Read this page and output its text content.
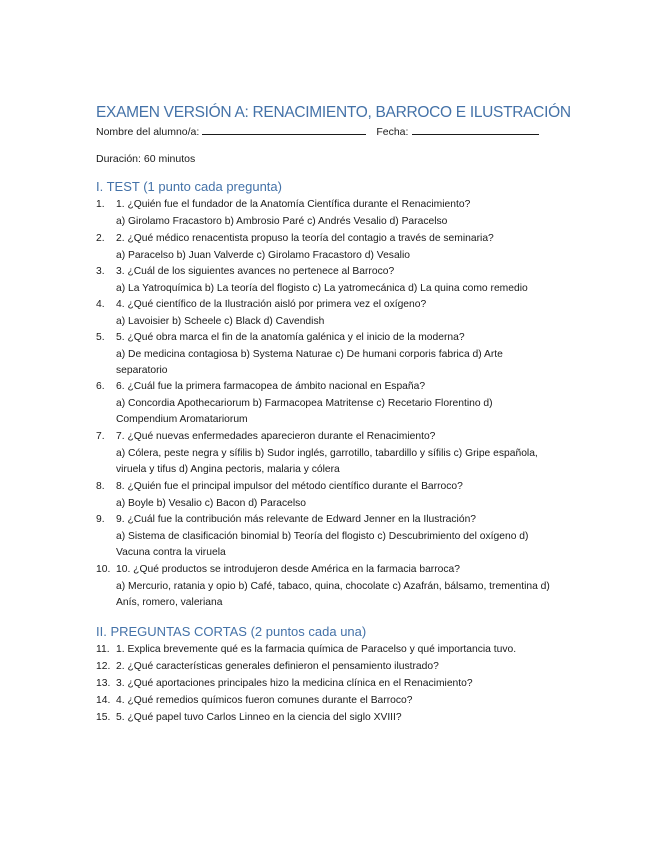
EXAMEN VERSIÓN A: RENACIMIENTO, BARROCO E ILUSTRACIÓN
Nombre del alumno/a:	Fecha:
Duración: 60 minutos
I. TEST (1 punto cada pregunta)
1. 1. ¿Quién fue el fundador de la Anatomía Científica durante el Renacimiento?
a) Girolamo Fracastoro b) Ambrosio Paré c) Andrés Vesalio d) Paracelso
2. 2. ¿Qué médico renacentista propuso la teoría del contagio a través de seminaria?
a) Paracelso b) Juan Valverde c) Girolamo Fracastoro d) Vesalio
3. 3. ¿Cuál de los siguientes avances no pertenece al Barroco?
a) La Yatroquímica b) La teoría del flogisto c) La yatromecánica d) La quina como remedio
4. 4. ¿Qué científico de la Ilustración aisló por primera vez el oxígeno?
a) Lavoisier b) Scheele c) Black d) Cavendish
5. 5. ¿Qué obra marca el fin de la anatomía galénica y el inicio de la moderna?
a) De medicina contagiosa b) Systema Naturae c) De humani corporis fabrica d) Arte separatorio
6. 6. ¿Cuál fue la primera farmacopea de ámbito nacional en España?
a) Concordia Apothecariorum b) Farmacopea Matritense c) Recetario Florentino d) Compendium Aromatariorum
7. 7. ¿Qué nuevas enfermedades aparecieron durante el Renacimiento?
a) Cólera, peste negra y sífilis b) Sudor inglés, garrotillo, tabardillo y sífilis c) Gripe española, viruela y tifus d) Angina pectoris, malaria y cólera
8. 8. ¿Quién fue el principal impulsor del método científico durante el Barroco?
a) Boyle b) Vesalio c) Bacon d) Paracelso
9. 9. ¿Cuál fue la contribución más relevante de Edward Jenner en la Ilustración?
a) Sistema de clasificación binomial b) Teoría del flogisto c) Descubrimiento del oxígeno d) Vacuna contra la viruela
10. 10. ¿Qué productos se introdujeron desde América en la farmacia barroca?
a) Mercurio, ratania y opio b) Café, tabaco, quina, chocolate c) Azafrán, bálsamo, trementina d) Anís, romero, valeriana
II. PREGUNTAS CORTAS (2 puntos cada una)
11. 1. Explica brevemente qué es la farmacia química de Paracelso y qué importancia tuvo.
12. 2. ¿Qué características generales definieron el pensamiento ilustrado?
13. 3. ¿Qué aportaciones principales hizo la medicina clínica en el Renacimiento?
14. 4. ¿Qué remedios químicos fueron comunes durante el Barroco?
15. 5. ¿Qué papel tuvo Carlos Linneo en la ciencia del siglo XVIII?
